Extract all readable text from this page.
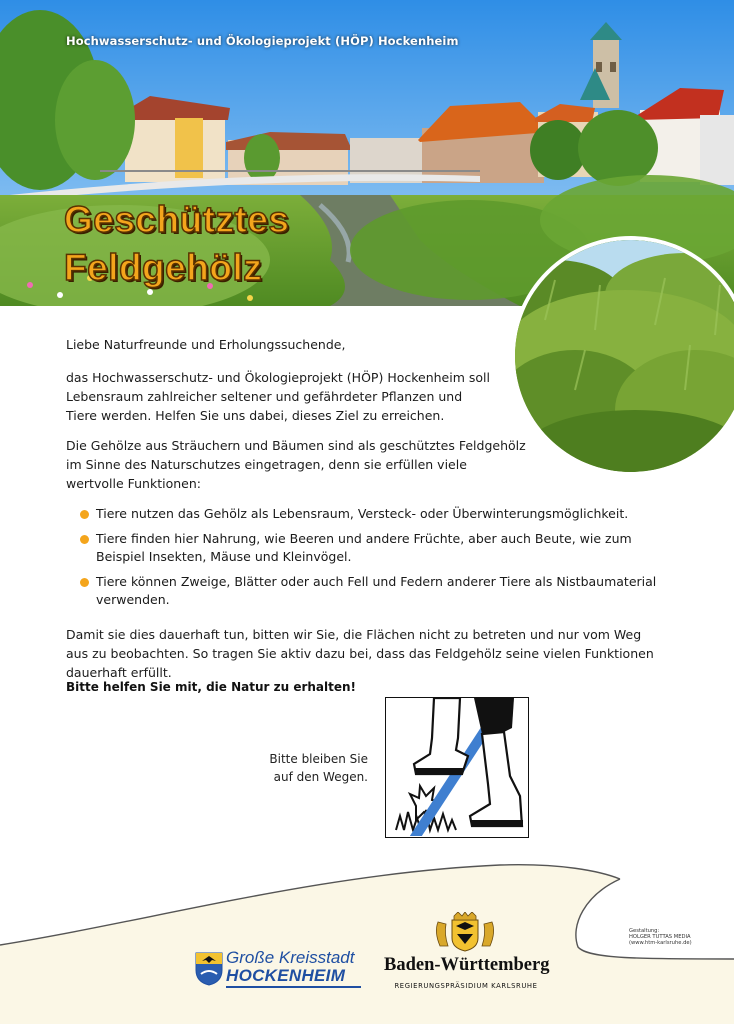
Hochwasserschutz- und Ökologieprojekt (HÖP) Hockenheim
Geschütztes
Feldgehölz
Liebe Naturfreunde und Erholungssuchende,
das Hochwasserschutz- und Ökologieprojekt (HÖP) Hockenheim soll Lebensraum zahlreicher seltener und gefährdeter Pflanzen und Tiere werden. Helfen Sie uns dabei, dieses Ziel zu erreichen.
Die Gehölze aus Sträuchern und Bäumen sind als geschütztes Feldgehölz im Sinne des Naturschutzes eingetragen, denn sie erfüllen viele wertvolle Funktionen:
Tiere nutzen das Gehölz als Lebensraum, Versteck- oder Überwinterungsmöglichkeit.
Tiere finden hier Nahrung, wie Beeren und andere Früchte, aber auch Beute, wie zum Beispiel Insekten, Mäuse und Kleinvögel.
Tiere können Zweige, Blätter oder auch Fell und Federn anderer Tiere als Nistbaumaterial verwenden.
Damit sie dies dauerhaft tun, bitten wir Sie, die Flächen nicht zu betreten und nur vom Weg aus zu beobachten. So tragen Sie aktiv dazu bei, dass das Feldgehölz seine vielen Funktionen dauerhaft erfüllt.
Bitte helfen Sie mit, die Natur zu erhalten!
Bitte bleiben Sie
auf den Wegen.
Gestaltung:
HOLGER TUTTAS MEDIA
(www.htm-karlsruhe.de)
Große Kreisstadt
HOCKENHEIM
Baden-Württemberg
REGIERUNGSPRÄSIDIUM KARLSRUHE
